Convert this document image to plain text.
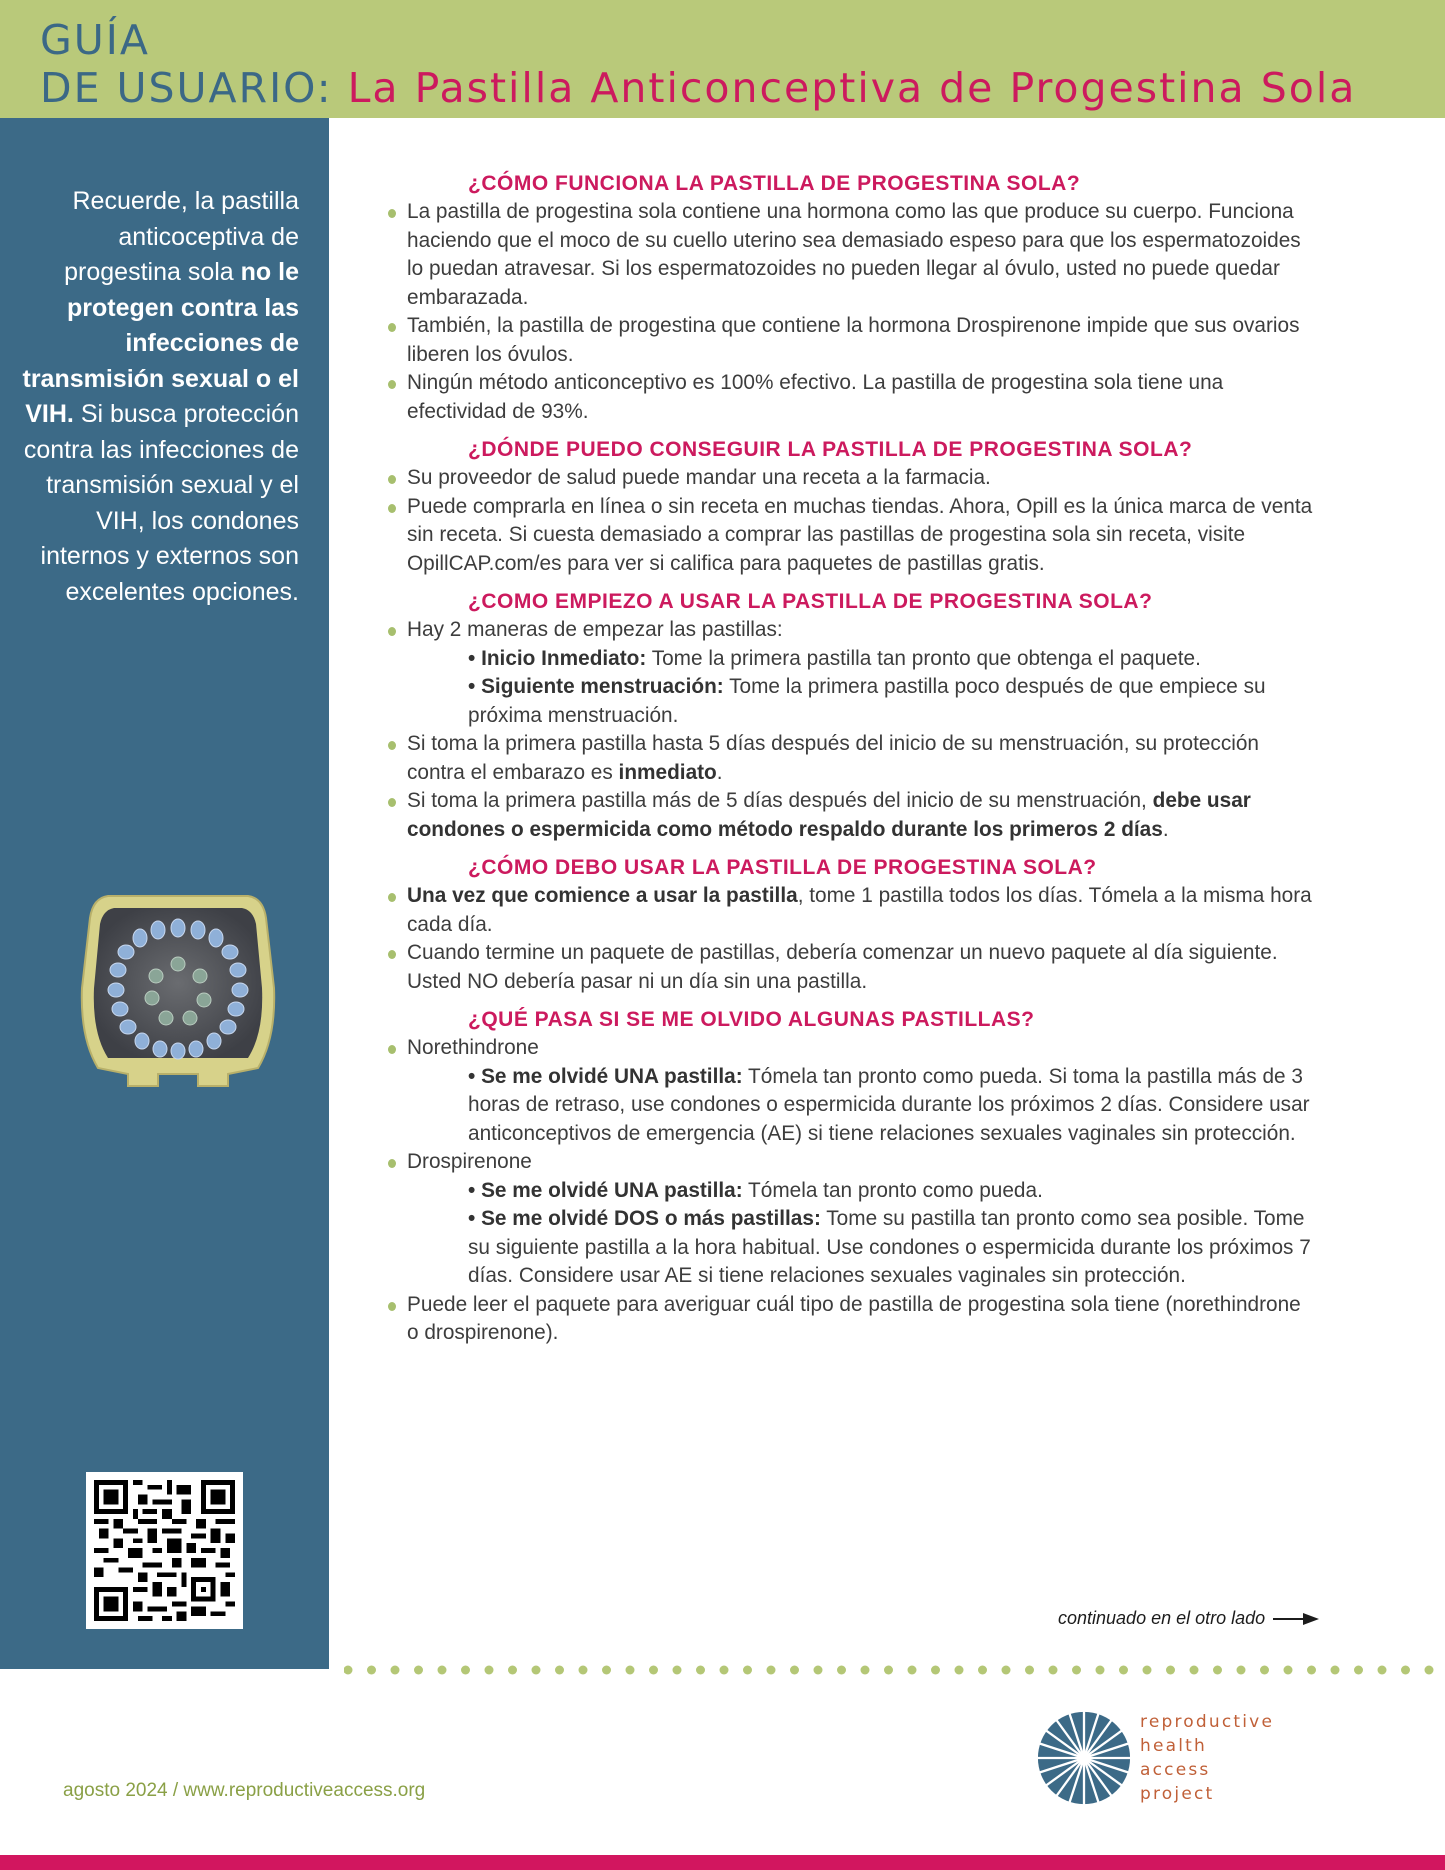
GUÍA
DE USUARIO: La Pastilla Anticonceptiva de Progestina Sola
Recuerde, la pastilla anticoceptiva de progestina sola no le protegen contra las infecciones de transmisión sexual o el VIH. Si busca protección contra las infecciones de transmisión sexual y el VIH, los condones internos y externos son excelentes opciones.
¿CÓMO FUNCIONA LA PASTILLA DE PROGESTINA SOLA?
La pastilla de progestina sola contiene una hormona como las que produce su cuerpo. Funciona haciendo que el moco de su cuello uterino sea demasiado espeso para que los espermatozoides lo puedan atravesar. Si los espermatozoides no pueden llegar al óvulo, usted no puede quedar embarazada.
También, la pastilla de progestina que contiene la hormona Drospirenone impide que sus ovarios liberen los óvulos.
Ningún método anticonceptivo es 100% efectivo. La pastilla de progestina sola tiene una efectividad de 93%.
¿DÓNDE PUEDO CONSEGUIR LA PASTILLA DE PROGESTINA SOLA?
Su proveedor de salud puede mandar una receta a la farmacia.
Puede comprarla en línea o sin receta en muchas tiendas. Ahora, Opill es la única marca de venta sin receta. Si cuesta demasiado a comprar las pastillas de progestina sola sin receta, visite OpillCAP.com/es para ver si califica para paquetes de pastillas gratis.
¿COMO EMPIEZO A USAR LA PASTILLA DE PROGESTINA SOLA?
Hay 2 maneras de empezar las pastillas:
• Inicio Inmediato: Tome la primera pastilla tan pronto que obtenga el paquete.
• Siguiente menstruación: Tome la primera pastilla poco después de que empiece su próxima menstruación.
Si toma la primera pastilla hasta 5 días después del inicio de su menstruación, su protección contra el embarazo es inmediato.
Si toma la primera pastilla más de 5 días después del inicio de su menstruación, debe usar condones o espermicida como método respaldo durante los primeros 2 días.
¿CÓMO DEBO USAR LA PASTILLA DE PROGESTINA SOLA?
Una vez que comience a usar la pastilla, tome 1 pastilla todos los días. Tómela a la misma hora cada día.
Cuando termine un paquete de pastillas, debería comenzar un nuevo paquete al día siguiente. Usted NO debería pasar ni un día sin una pastilla.
¿QUÉ PASA SI SE ME OLVIDO ALGUNAS PASTILLAS?
Norethindrone
• Se me olvidé UNA pastilla: Tómela tan pronto como pueda. Si toma la pastilla más de 3 horas de retraso, use condones o espermicida durante los próximos 2 días. Considere usar anticonceptivos de emergencia (AE) si tiene relaciones sexuales vaginales sin protección.
Drospirenone
• Se me olvidé UNA pastilla: Tómela tan pronto como pueda.
• Se me olvidé DOS o más pastillas: Tome su pastilla tan pronto como sea posible. Tome su siguiente pastilla a la hora habitual. Use condones o espermicida durante los próximos 7 días. Considere usar AE si tiene relaciones sexuales vaginales sin protección.
Puede leer el paquete para averiguar cuál tipo de pastilla de progestina sola tiene (norethindrone o drospirenone).
continuado en el otro lado
agosto 2024 / www.reproductiveaccess.org
reproductive
health
access
project
